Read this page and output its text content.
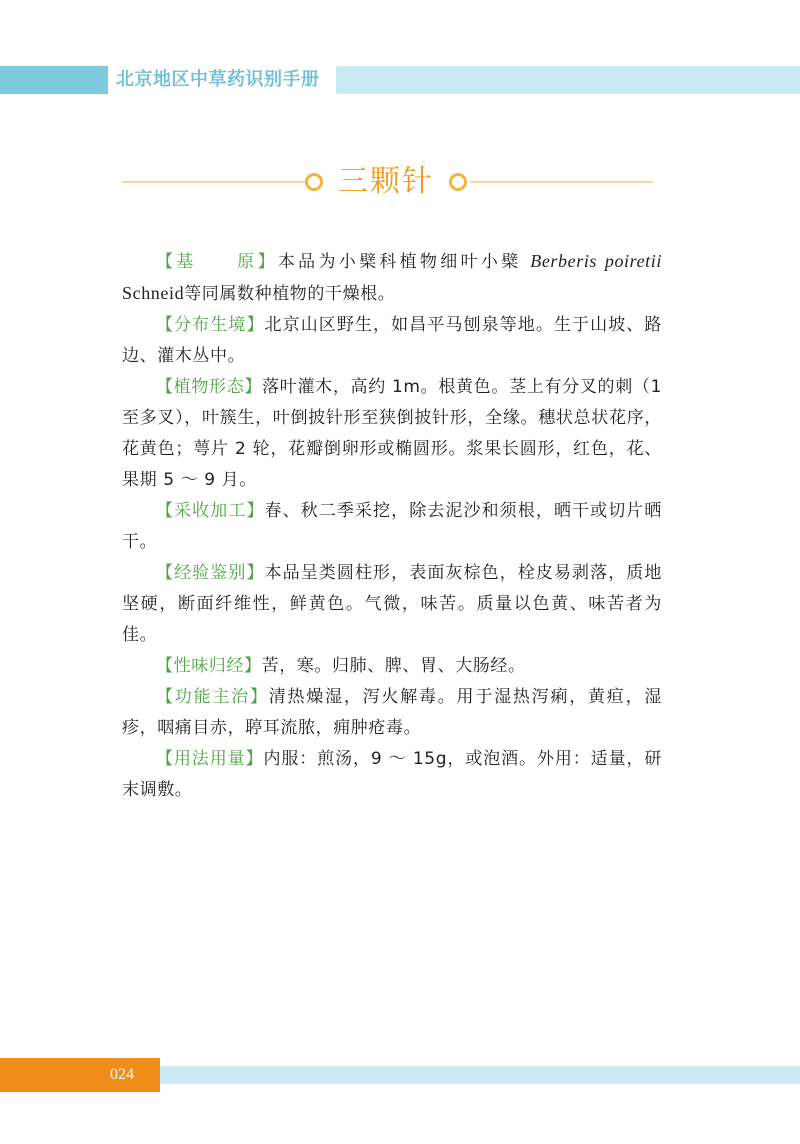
北京地区中草药识别手册
三颗针

【基　　原】本品为小檗科植物细叶小檗 Berberis poiretii Schneid等同属数种植物的干燥根。

【分布生境】北京山区野生，如昌平马刨泉等地。生于山坡、路边、灌木丛中。

【植物形态】落叶灌木，高约 1m。根黄色。茎上有分叉的刺（1 至多叉），叶簇生，叶倒披针形至狭倒披针形，全缘。穗状总状花序，花黄色；萼片 2 轮，花瓣倒卵形或椭圆形。浆果长圆形，红色，花、果期 5 ～ 9 月。

【采收加工】春、秋二季采挖，除去泥沙和须根，晒干或切片晒干。

【经验鉴别】本品呈类圆柱形，表面灰棕色，栓皮易剥落，质地坚硬，断面纤维性，鲜黄色。气微，味苦。质量以色黄、味苦者为佳。

【性味归经】苦，寒。归肺、脾、胃、大肠经。

【功能主治】清热燥湿，泻火解毒。用于湿热泻痢，黄疸，湿疹，咽痛目赤，聤耳流脓，痈肿疮毒。

【用法用量】内服：煎汤，9 ～ 15g，或泡酒。外用：适量，研末调敷。

024
